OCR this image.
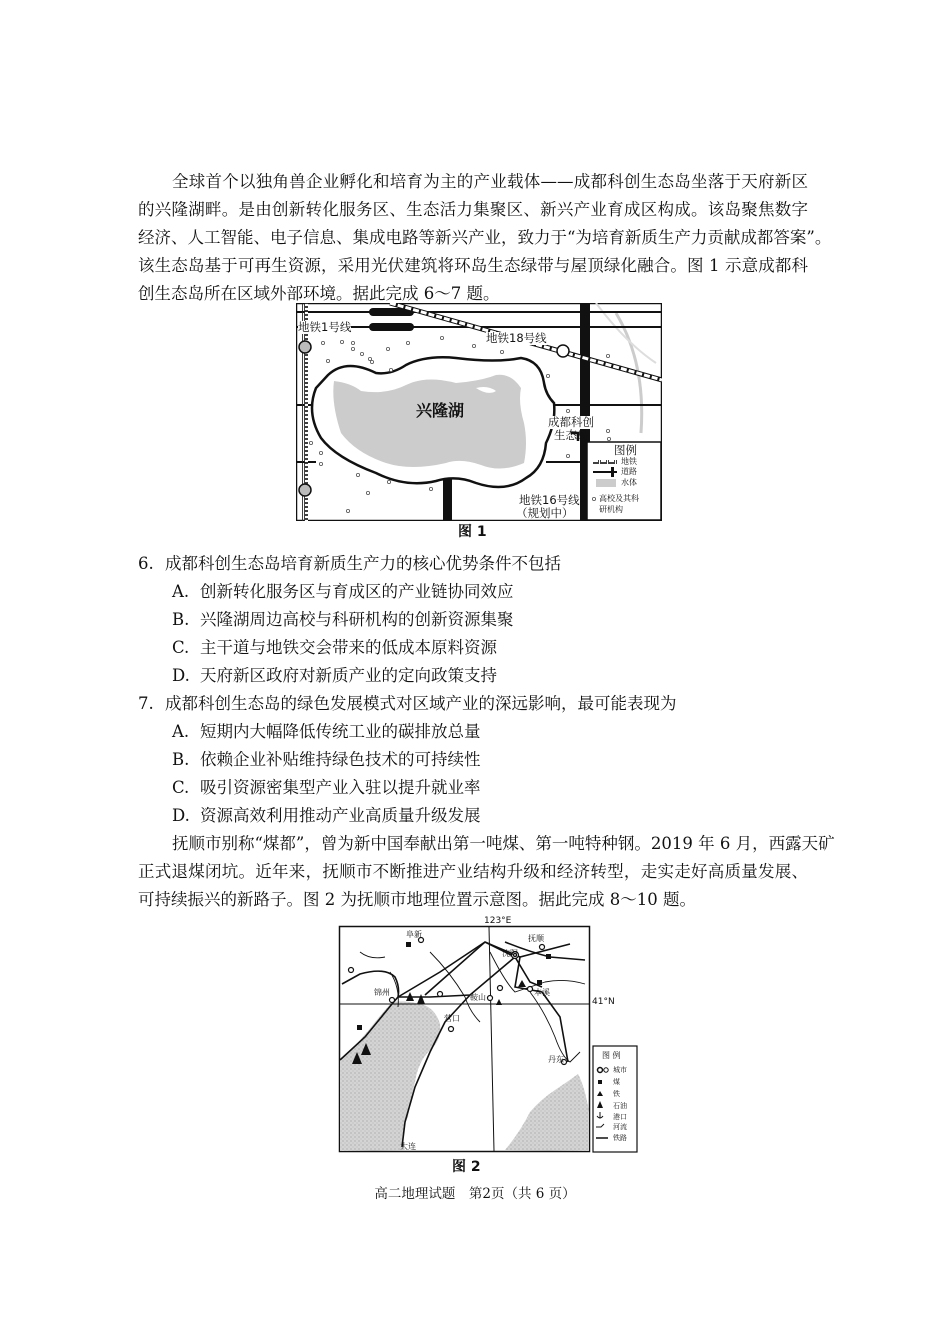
全球首个以独角兽企业孵化和培育为主的产业载体——成都科创生态岛坐落于天府新区
的兴隆湖畔。是由创新转化服务区、生态活力集聚区、新兴产业育成区构成。该岛聚焦数字
经济、人工智能、电子信息、集成电路等新兴产业，致力于“为培育新质生产力贡献成都答案”。
该生态岛基于可再生资源，采用光伏建筑将环岛生态绿带与屋顶绿化融合。图 1 示意成都科
创生态岛所在区域外部环境。据此完成 6～7 题。
地铁1号线
地铁18号线
兴隆湖
成都科创
生态岛
地铁16号线
（规划中）
图例
地铁
道路
水体
高校及其科
研机构
图 1
6. 成都科创生态岛培育新质生产力的核心优势条件不包括
A. 创新转化服务区与育成区的产业链协同效应
B. 兴隆湖周边高校与科研机构的创新资源集聚
C. 主干道与地铁交会带来的低成本原料资源
D. 天府新区政府对新质产业的定向政策支持
7. 成都科创生态岛的绿色发展模式对区域产业的深远影响，最可能表现为
A. 短期内大幅降低传统工业的碳排放总量
B. 依赖企业补贴维持绿色技术的可持续性
C. 吸引资源密集型产业入驻以提升就业率
D. 资源高效利用推动产业高质量升级发展
抚顺市别称“煤都”，曾为新中国奉献出第一吨煤、第一吨特种钢。2019 年 6 月，西露天矿
正式退煤闭坑。近年来，抚顺市不断推进产业结构升级和经济转型，走实走好高质量发展、
可持续振兴的新路子。图 2 为抚顺市地理位置示意图。据此完成 8～10 题。
123°E
41°N
阜新	抚顺
沈阳
锦州
鞍山
本溪
营口
丹东
大连
图 例
城市
煤
铁
石油
港口
河流
铁路
图 2
高二地理试题　第2页（共 6 页）
